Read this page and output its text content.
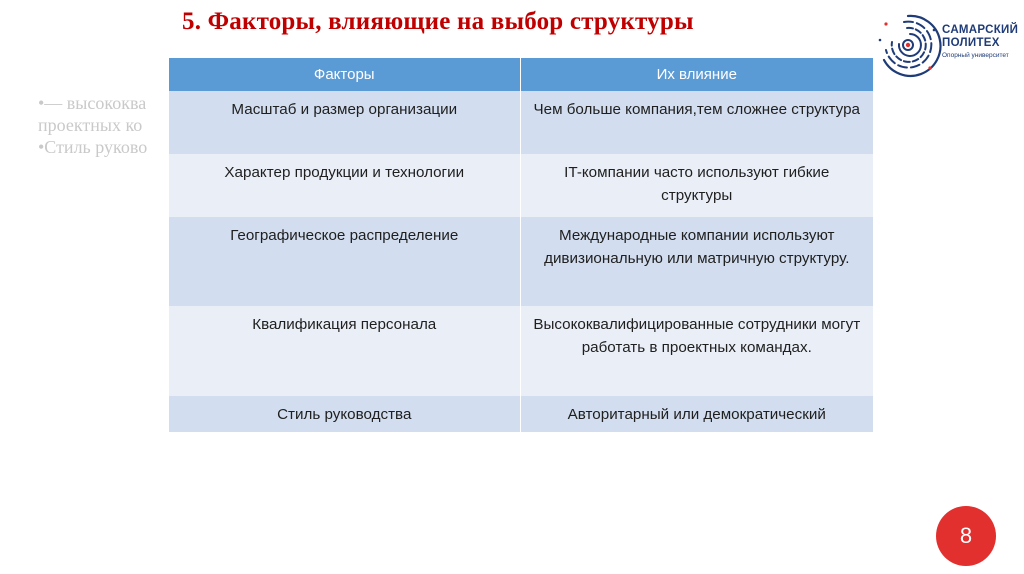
5. Факторы, влияющие на выбор структуры
•— высококва
проектных ко
•Стиль руково
Факторы	Их влияние
Масштаб и размер организации	Чем больше компания,тем сложнее структура
Характер продукции и технологии	IT-компании часто используют гибкие структуры
Географическое распределение	Международные компании используют дивизиональную или матричную структуру.
Квалификация персонала	Высококвалифицированные сотрудники могут работать в проектных командах.
Стиль руководства	Авторитарный или демократический
САМАРСКИЙ
ПОЛИТЕХ
Опорный университет
8
